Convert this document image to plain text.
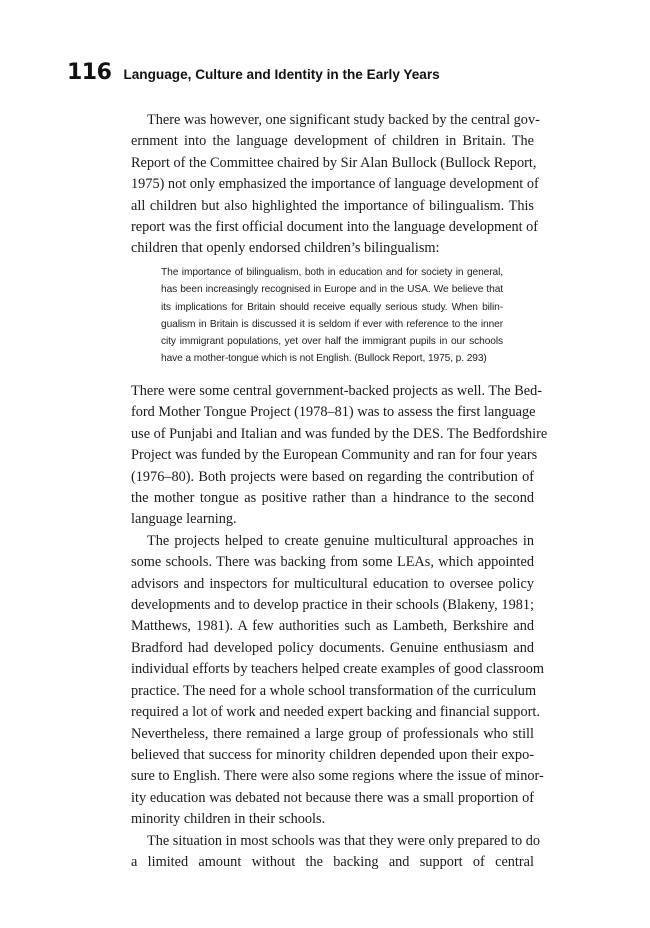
116 Language, Culture and Identity in the Early Years

There was however, one significant study backed by the central gov-
ernment into the language development of children in Britain. The
Report of the Committee chaired by Sir Alan Bullock (Bullock Report,
1975) not only emphasized the importance of language development of
all children but also highlighted the importance of bilingualism. This
report was the first official document into the language development of
children that openly endorsed children’s bilingualism:

The importance of bilingualism, both in education and for society in general,
has been increasingly recognised in Europe and in the USA. We believe that
its implications for Britain should receive equally serious study. When bilin-
gualism in Britain is discussed it is seldom if ever with reference to the inner
city immigrant populations, yet over half the immigrant pupils in our schools
have a mother-tongue which is not English. (Bullock Report, 1975, p. 293)

There were some central government-backed projects as well. The Bed-
ford Mother Tongue Project (1978–81) was to assess the first language
use of Punjabi and Italian and was funded by the DES. The Bedfordshire
Project was funded by the European Community and ran for four years
(1976–80). Both projects were based on regarding the contribution of
the mother tongue as positive rather than a hindrance to the second
language learning.
The projects helped to create genuine multicultural approaches in
some schools. There was backing from some LEAs, which appointed
advisors and inspectors for multicultural education to oversee policy
developments and to develop practice in their schools (Blakeny, 1981;
Matthews, 1981). A few authorities such as Lambeth, Berkshire and
Bradford had developed policy documents. Genuine enthusiasm and
individual efforts by teachers helped create examples of good classroom
practice. The need for a whole school transformation of the curriculum
required a lot of work and needed expert backing and financial support.
Nevertheless, there remained a large group of professionals who still
believed that success for minority children depended upon their expo-
sure to English. There were also some regions where the issue of minor-
ity education was debated not because there was a small proportion of
minority children in their schools.
The situation in most schools was that they were only prepared to do
a limited amount without the backing and support of central
